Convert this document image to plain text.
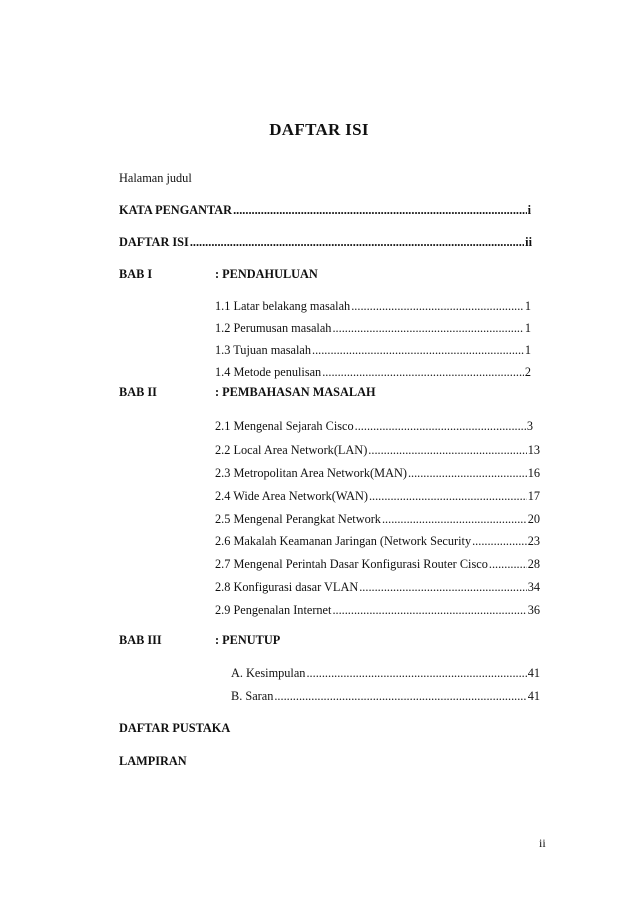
DAFTAR ISI
Halaman judul
KATA PENGANTAR .....	i
DAFTAR ISI .....	ii
BAB I	: PENDAHULUAN
1.1 Latar belakang masalah .....	1
1.2 Perumusan masalah .....	1
1.3 Tujuan masalah .....	1
1.4 Metode penulisan .....	2
BAB II	: PEMBAHASAN MASALAH
2.1 Mengenal Sejarah Cisco .....	3
2.2 Local Area Network(LAN) .....	13
2.3 Metropolitan Area Network(MAN) .....	16
2.4 Wide Area Network(WAN) .....	17
2.5 Mengenal Perangkat Network .....	20
2.6 Makalah Keamanan Jaringan (Network Security .....	23
2.7 Mengenal Perintah Dasar Konfigurasi Router Cisco .....	28
2.8 Konfigurasi dasar VLAN .....	34
2.9 Pengenalan Internet .....	36
BAB III	: PENUTUP
A. Kesimpulan .....	41
B. Saran .....	41
DAFTAR PUSTAKA
LAMPIRAN
ii
